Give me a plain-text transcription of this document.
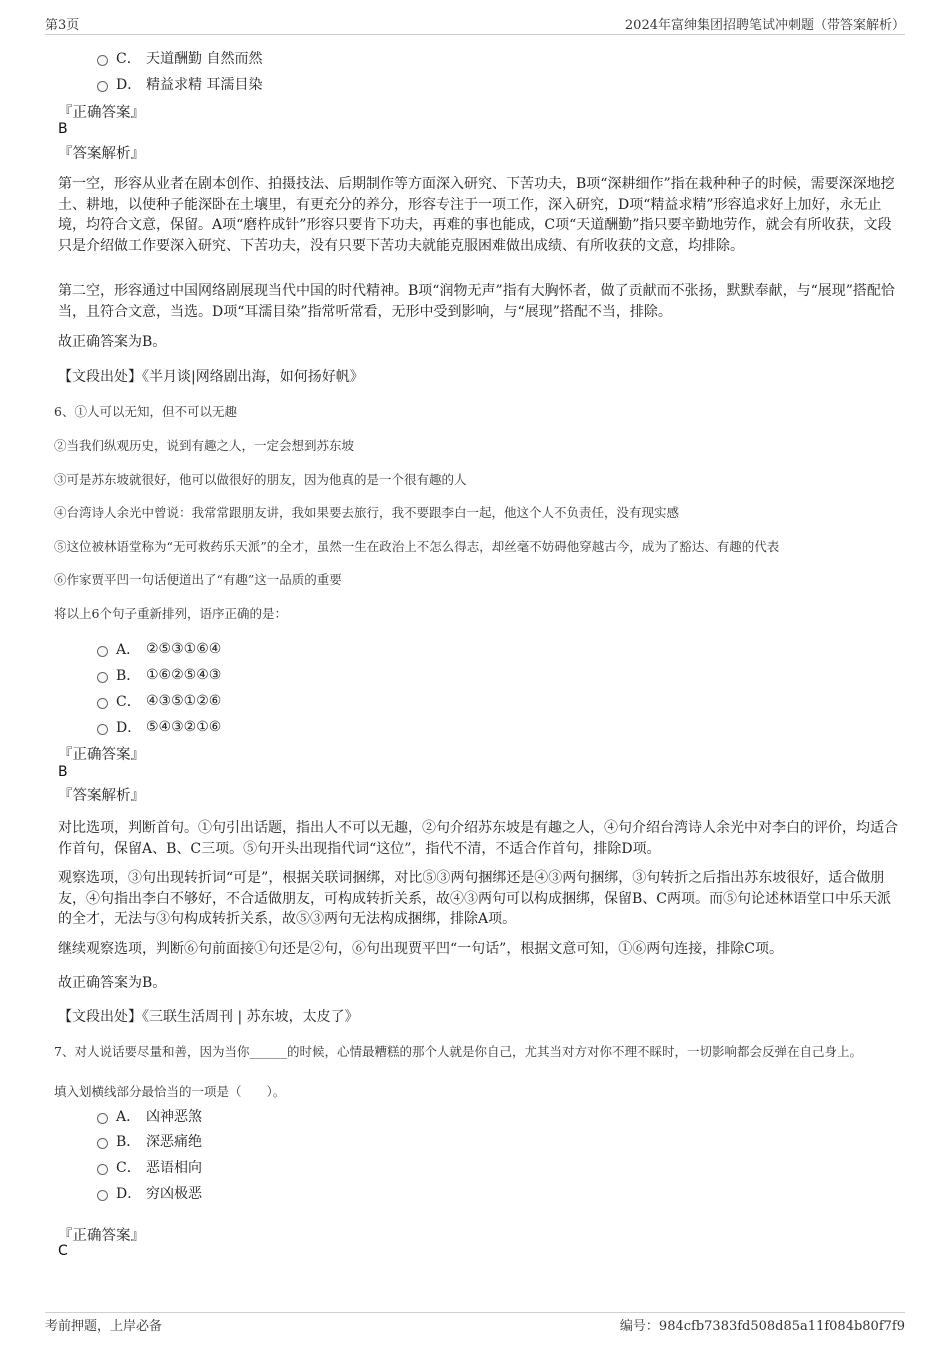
第3页	2024年富绅集团招聘笔试冲刺题（带答案解析）
C． 天道酬勤 自然而然
D． 精益求精 耳濡目染
『正确答案』
B
『答案解析』
第一空，形容从业者在剧本创作、拍摄技法、后期制作等方面深入研究、下苦功夫，B项“深耕细作”指在栽种种子的时候，需要深深地挖土、耕地，以使种子能深卧在土壤里，有更充分的养分，形容专注于一项工作，深入研究，D项“精益求精”形容追求好上加好，永无止境，均符合文意，保留。A项“磨杵成针”形容只要肯下功夫，再难的事也能成，C项“天道酬勤”指只要辛勤地劳作，就会有所收获，文段只是介绍做工作要深入研究、下苦功夫，没有只要下苦功夫就能克服困难做出成绩、有所收获的文意，均排除。
第二空，形容通过中国网络剧展现当代中国的时代精神。B项“润物无声”指有大胸怀者，做了贡献而不张扬，默默奉献，与“展现”搭配恰当，且符合文意，当选。D项“耳濡目染”指常听常看，无形中受到影响，与“展现”搭配不当，排除。
故正确答案为B。
【文段出处】《半月谈|网络剧出海，如何扬好帆》
6、①人可以无知，但不可以无趣
②当我们纵观历史，说到有趣之人，一定会想到苏东坡
③可是苏东坡就很好，他可以做很好的朋友，因为他真的是一个很有趣的人
④台湾诗人余光中曾说：我常常跟朋友讲，我如果要去旅行，我不要跟李白一起，他这个人不负责任，没有现实感
⑤这位被林语堂称为“无可救药乐天派”的全才，虽然一生在政治上不怎么得志，却丝毫不妨碍他穿越古今，成为了豁达、有趣的代表
⑥作家贾平凹一句话便道出了“有趣”这一品质的重要
将以上6个句子重新排列，语序正确的是：
A． ②⑤③①⑥④
B． ①⑥②⑤④③
C． ④③⑤①②⑥
D． ⑤④③②①⑥
『正确答案』
B
『答案解析』
对比选项，判断首句。①句引出话题，指出人不可以无趣，②句介绍苏东坡是有趣之人，④句介绍台湾诗人余光中对李白的评价，均适合作首句，保留A、B、C三项。⑤句开头出现指代词“这位”，指代不清，不适合作首句，排除D项。
观察选项，③句出现转折词“可是”，根据关联词捆绑，对比⑤③两句捆绑还是④③两句捆绑，③句转折之后指出苏东坡很好，适合做朋友，④句指出李白不够好，不合适做朋友，可构成转折关系，故④③两句可以构成捆绑，保留B、C两项。而⑤句论述林语堂口中乐天派的全才，无法与③句构成转折关系，故⑤③两句无法构成捆绑，排除A项。
继续观察选项，判断⑥句前面接①句还是②句，⑥句出现贾平凹“一句话”，根据文意可知，①⑥两句连接，排除C项。
故正确答案为B。
【文段出处】《三联生活周刊 | 苏东坡，太皮了》
7、对人说话要尽量和善，因为当你______的时候，心情最糟糕的那个人就是你自己，尤其当对方对你不理不睬时，一切影响都会反弹在自己身上。
填入划横线部分最恰当的一项是（　　）。
A． 凶神恶煞
B． 深恶痛绝
C． 恶语相向
D． 穷凶极恶
『正确答案』
C
考前押题，上岸必备	编号：984cfb7383fd508d85a11f084b80f7f9
